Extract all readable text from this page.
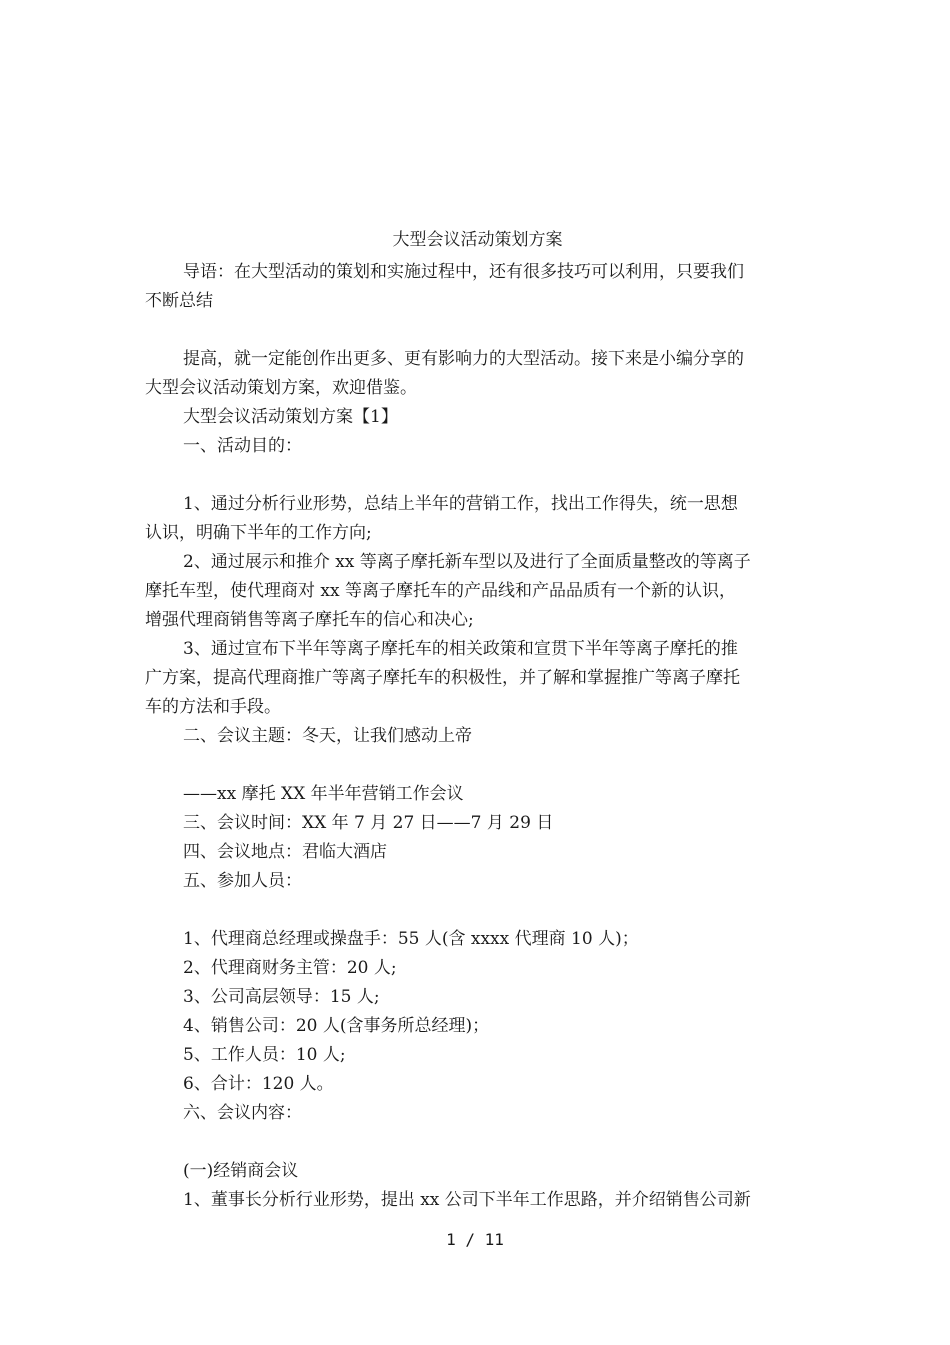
大型会议活动策划方案

导语：在大型活动的策划和实施过程中，还有很多技巧可以利用，只要我们

不断总结

提高，就一定能创作出更多、更有影响力的大型活动。接下来是小编分享的

大型会议活动策划方案，欢迎借鉴。

大型会议活动策划方案【1】

一、活动目的：

1、通过分析行业形势，总结上半年的营销工作，找出工作得失，统一思想

认识，明确下半年的工作方向;

2、通过展示和推介 xx 等离子摩托新车型以及进行了全面质量整改的等离子

摩托车型，使代理商对 xx 等离子摩托车的产品线和产品品质有一个新的认识，

增强代理商销售等离子摩托车的信心和决心;

3、通过宣布下半年等离子摩托车的相关政策和宣贯下半年等离子摩托的推

广方案，提高代理商推广等离子摩托车的积极性，并了解和掌握推广等离子摩托

车的方法和手段。

二、会议主题：冬天，让我们感动上帝

——xx 摩托 XX 年半年营销工作会议

三、会议时间：XX 年 7 月 27 日——7 月 29 日

四、会议地点：君临大酒店

五、参加人员：

1、代理商总经理或操盘手：55 人(含 xxxx 代理商 10 人)；

2、代理商财务主管：20 人;

3、公司高层领导：15 人;

4、销售公司：20 人(含事务所总经理)；

5、工作人员：10 人;

6、合计：120 人。

六、会议内容：

(一)经销商会议

1、董事长分析行业形势，提出 xx 公司下半年工作思路，并介绍销售公司新

1 / 11
